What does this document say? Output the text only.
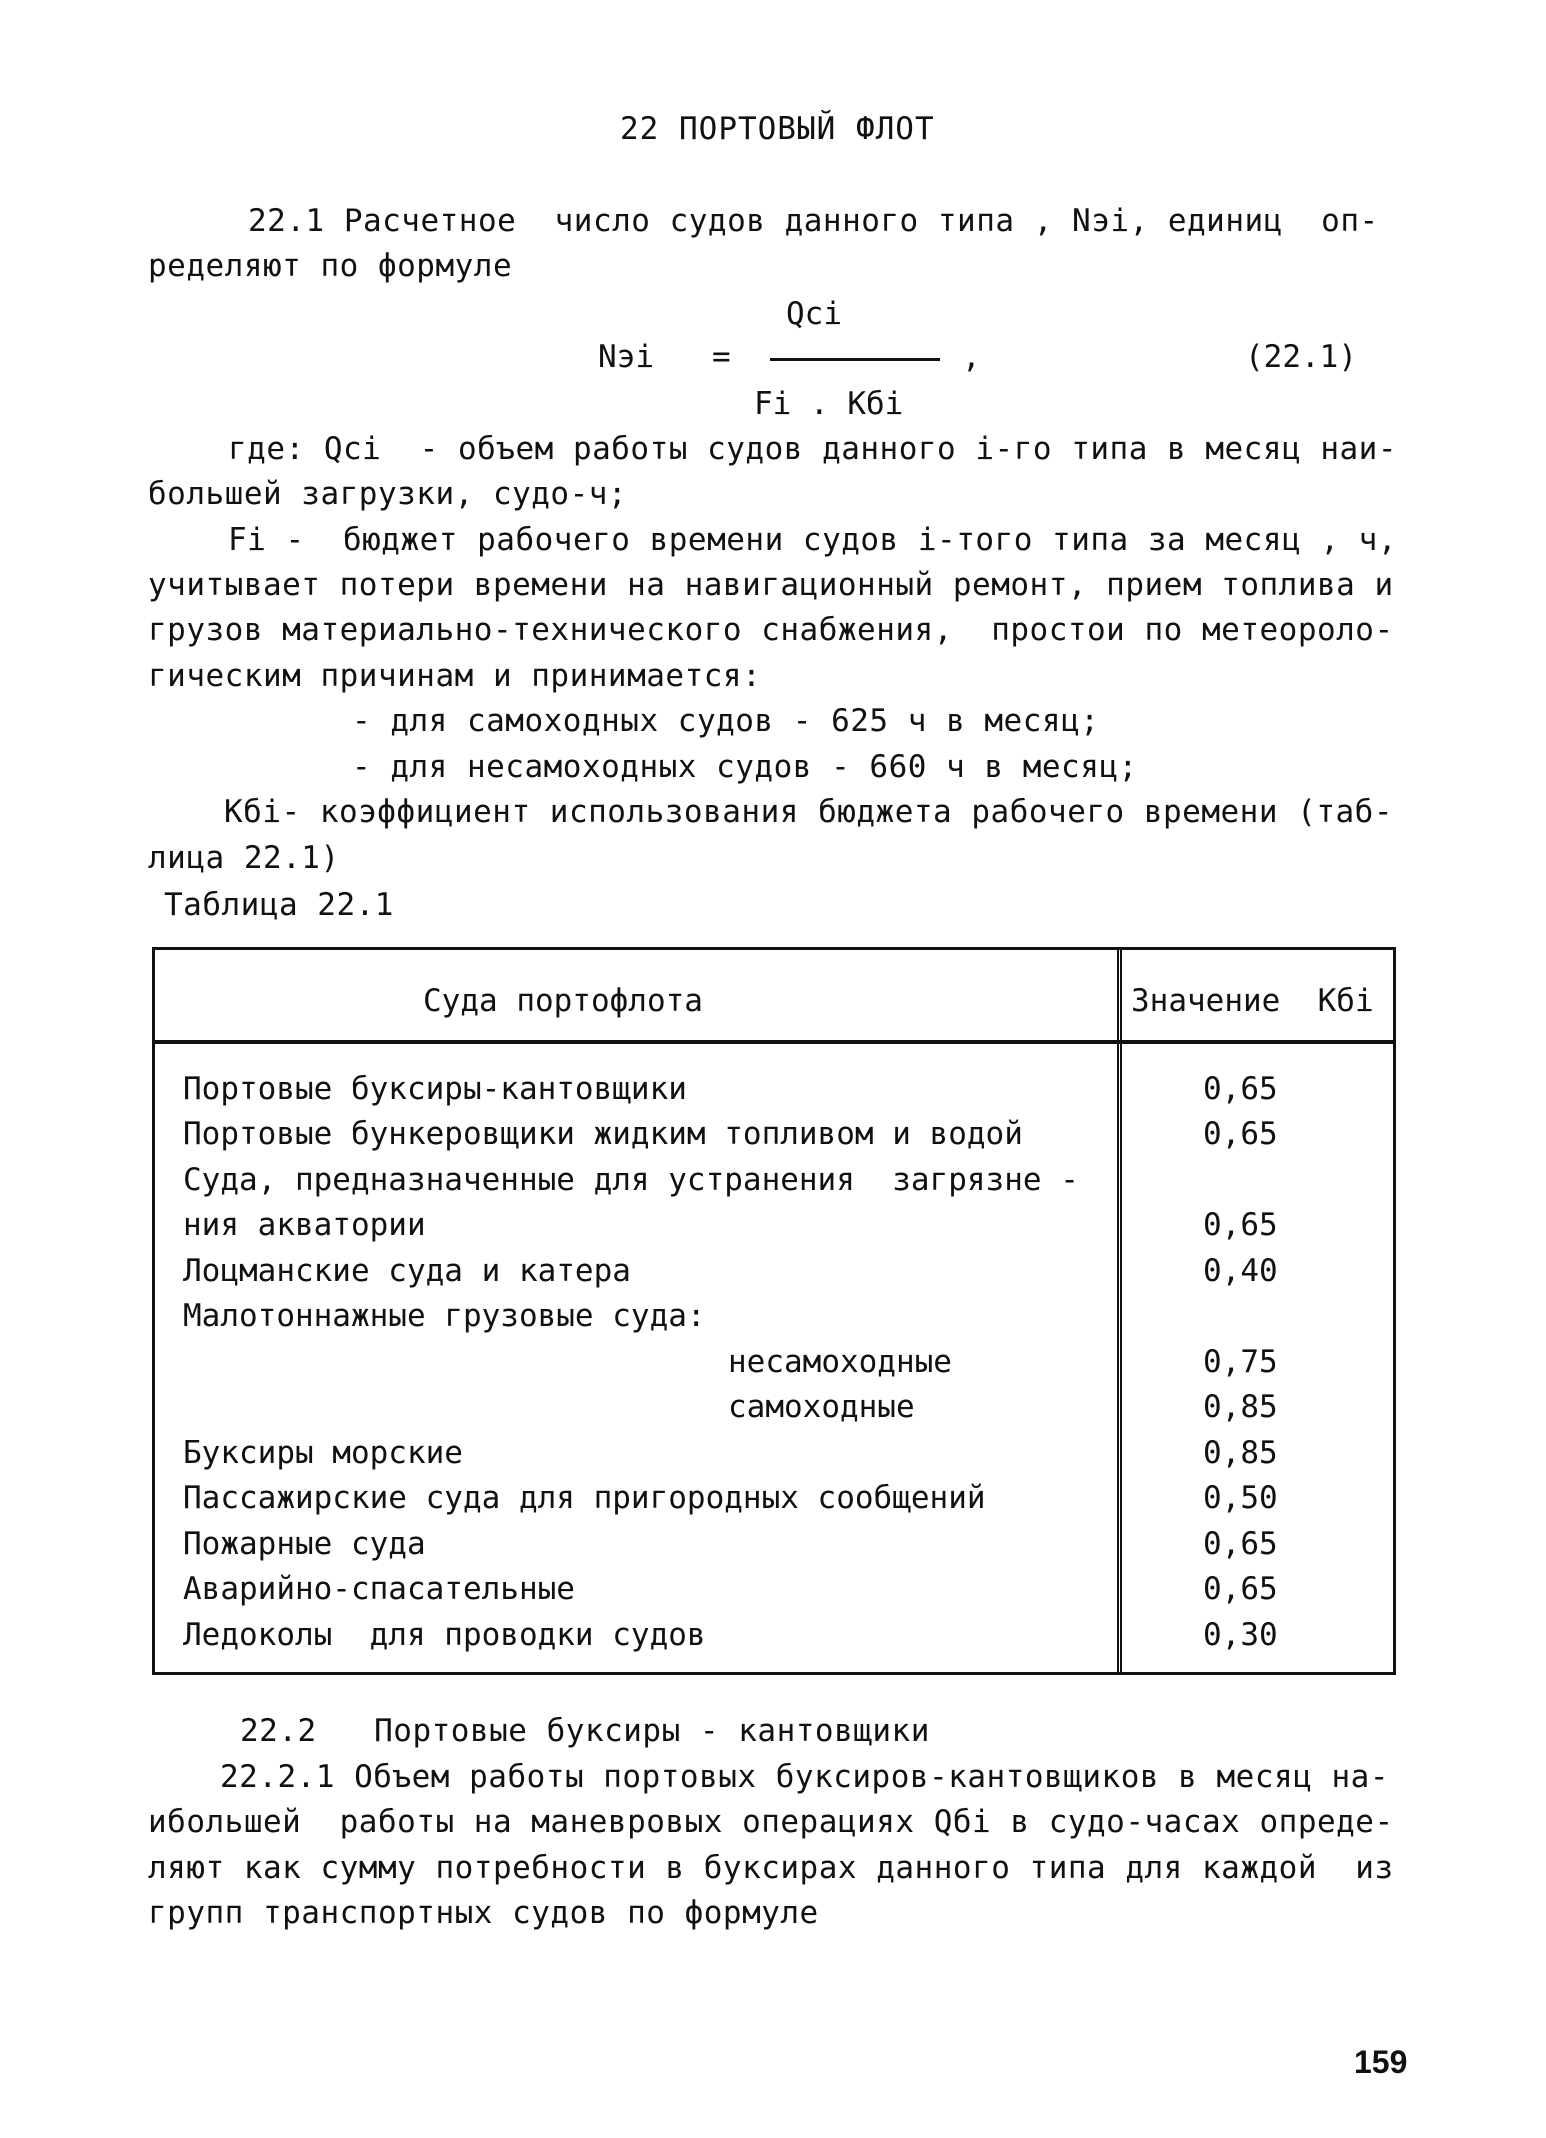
22 ПОРТОВЫЙ ФЛОТ
22.1 Расчетное  число судов данного типа , Nэi, единиц  оп-
ределяют по формуле
Qci
Nэi =	,	(22.1)
Fi . Kбi
где: Qci  - объем работы судов данного i-го типа в месяц наи-
большей загрузки, судо-ч;
Fi -  бюджет рабочего времени судов i-того типа за месяц , ч,
учитывает потери времени на навигационный ремонт, прием топлива и
грузов материально-технического снабжения,  простои по метеороло-
гическим причинам и принимается:
- для самоходных судов - 625 ч в месяц;
- для несамоходных судов - 660 ч в месяц;
Kбi- коэффициент использования бюджета рабочего времени (таб-
лица 22.1)
Таблица 22.1
Суда портофлота	Значение  Kбi
Портовые буксиры-кантовщики	0,65
Портовые бункеровщики жидким топливом и водой	0,65
Суда, предназначенные для устранения  загрязне -
ния акватории	0,65
Лоцманские суда и катера	0,40
Малотоннажные грузовые суда:
несамоходные	0,75
самоходные	0,85
Буксиры морские	0,85
Пассажирские суда для пригородных сообщений	0,50
Пожарные суда	0,65
Аварийно-спасательные	0,65
Ледоколы  для проводки судов	0,30
22.2   Портовые буксиры - кантовщики
22.2.1 Объем работы портовых буксиров-кантовщиков в месяц на-
ибольшей  работы на маневровых операциях Qбi в судо-часах опреде-
ляют как сумму потребности в буксирах данного типа для каждой  из
групп транспортных судов по формуле
159
